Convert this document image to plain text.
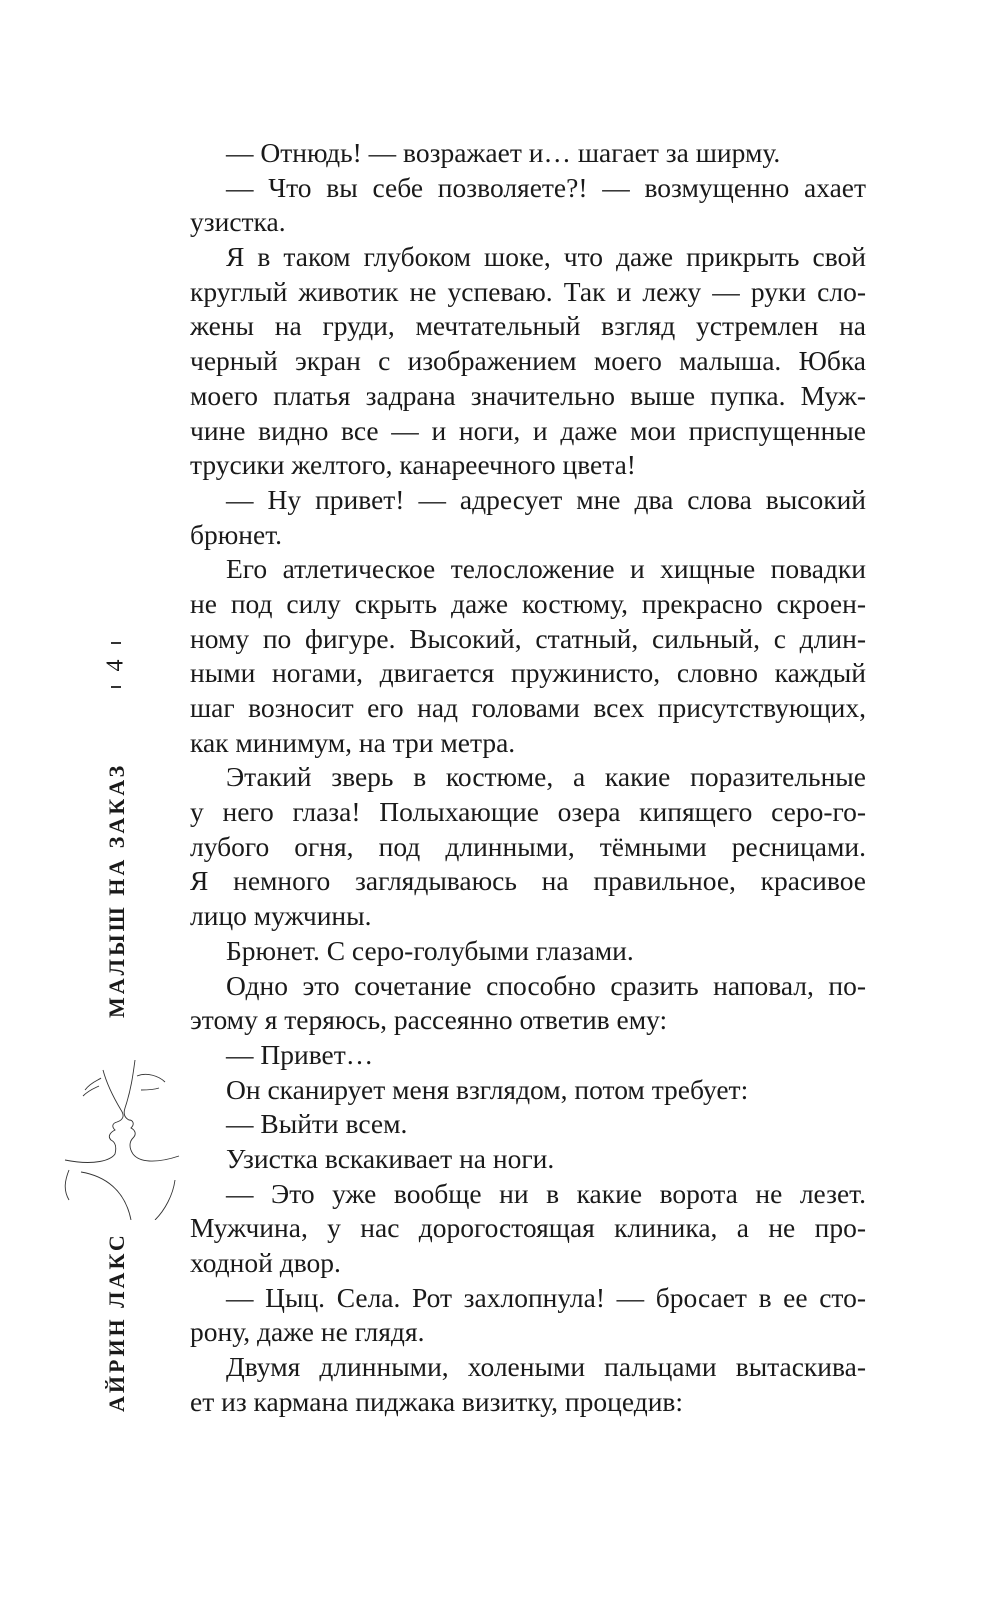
4
МАЛЫШ НА ЗАКАЗ
АЙРИН ЛАКС
— Отнюдь! — возражает и… шагает за ширму.
— Что вы себе позволяете?! — возмущенно ахает
узистка.
Я в таком глубоком шоке, что даже прикрыть свой
круглый животик не успеваю. Так и лежу — руки сло-
жены на груди, мечтательный взгляд устремлен на
черный экран с изображением моего малыша. Юбка
моего платья задрана значительно выше пупка. Муж-
чине видно все — и ноги, и даже мои приспущенные
трусики желтого, канареечного цвета!
— Ну привет! — адресует мне два слова высокий
брюнет.
Его атлетическое телосложение и хищные повадки
не под силу скрыть даже костюму, прекрасно скроен-
ному по фигуре. Высокий, статный, сильный, с длин-
ными ногами, двигается пружинисто, словно каждый
шаг возносит его над головами всех присутствующих,
как минимум, на три метра.
Этакий зверь в костюме, а какие поразительные
у него глаза! Полыхающие озера кипящего серо-го-
лубого огня, под длинными, тёмными ресницами.
Я немного заглядываюсь на правильное, красивое
лицо мужчины.
Брюнет. С серо-голубыми глазами.
Одно это сочетание способно сразить наповал, по-
этому я теряюсь, рассеянно ответив ему:
— Привет…
Он сканирует меня взглядом, потом требует:
— Выйти всем.
Узистка вскакивает на ноги.
— Это уже вообще ни в какие ворота не лезет.
Мужчина, у нас дорогостоящая клиника, а не про-
ходной двор.
— Цыц. Села. Рот захлопнула! — бросает в ее сто-
рону, даже не глядя.
Двумя длинными, холеными пальцами вытаскива-
ет из кармана пиджака визитку, процедив:
